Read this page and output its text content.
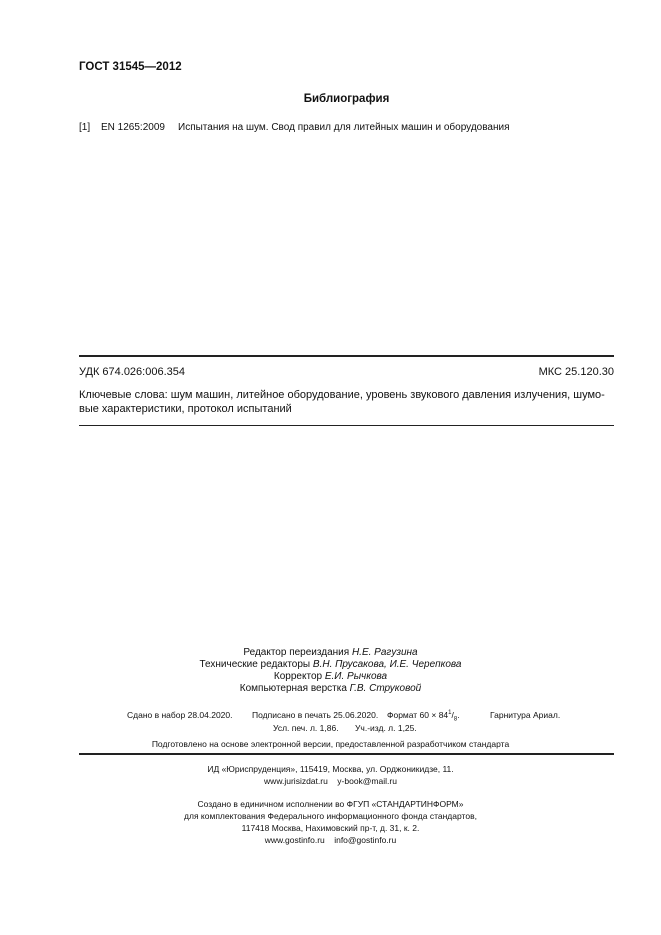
ГОСТ 31545—2012
Библиография
[1] EN 1265:2009 Испытания на шум. Свод правил для литейных машин и оборудования
УДК 674.026:006.354	МКС 25.120.30
Ключевые слова: шум машин, литейное оборудование, уровень звукового давления излучения, шумо-
вые характеристики, протокол испытаний
Редактор переиздания Н.Е. Рагузина
Технические редакторы В.Н. Прусакова, И.Е. Черепкова
Корректор Е.И. Рычкова
Компьютерная верстка Г.В. Струковой
Сдано в набор 28.04.2020. Подписано в печать 25.06.2020. Формат $60 \times 84^1/_8$.	Гарнитура Ариал.
Усл. печ. л. 1,86. Уч.-изд. л. 1,25.
Подготовлено на основе электронной версии, предоставленной разработчиком стандарта
ИД «Юриспруденция», 115419, Москва, ул. Орджоникидзе, 11.
www.jurisizdat.ru y-book@mail.ru
Создано в единичном исполнении во ФГУП «СТАНДАРТИНФОРМ»
для комплектования Федерального информационного фонда стандартов,
117418 Москва, Нахимовский пр-т, д. 31, к. 2.
www.gostinfo.ru info@gostinfo.ru
